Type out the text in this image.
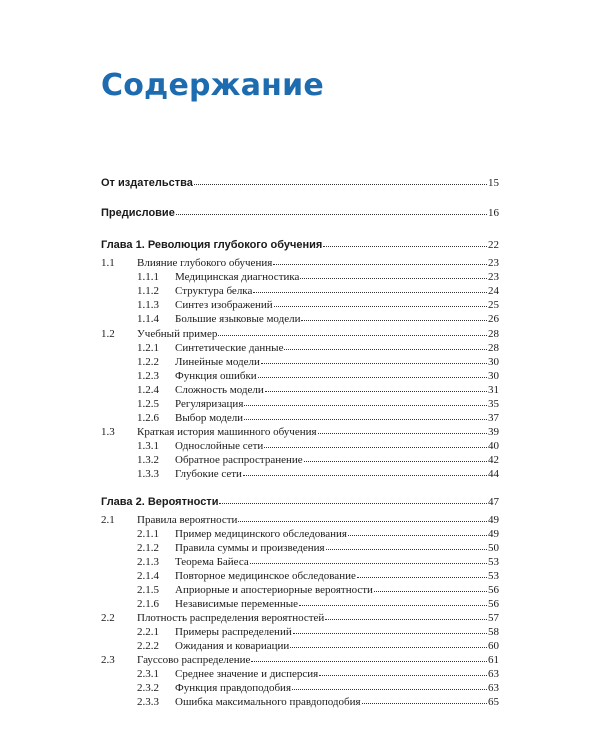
Содержание
От издательства	15
Предисловие	16
Глава 1. Революция глубокого обучения	22
1.1 Влияние глубокого обучения	23
1.1.1 Медицинская диагностика	23
1.1.2 Структура белка	24
1.1.3 Синтез изображений	25
1.1.4 Большие языковые модели	26
1.2 Учебный пример	28
1.2.1 Синтетические данные	28
1.2.2 Линейные модели	30
1.2.3 Функция ошибки	30
1.2.4 Сложность модели	31
1.2.5 Регуляризация	35
1.2.6 Выбор модели	37
1.3 Краткая история машинного обучения	39
1.3.1 Однослойные сети	40
1.3.2 Обратное распространение	42
1.3.3 Глубокие сети	44
Глава 2. Вероятности	47
2.1 Правила вероятности	49
2.1.1 Пример медицинского обследования	49
2.1.2 Правила суммы и произведения	50
2.1.3 Теорема Байеса	53
2.1.4 Повторное медицинское обследование	53
2.1.5 Априорные и апостериорные вероятности	56
2.1.6 Независимые переменные	56
2.2 Плотность распределения вероятностей	57
2.2.1 Примеры распределений	58
2.2.2 Ожидания и ковариации	60
2.3 Гауссово распределение	61
2.3.1 Среднее значение и дисперсия	63
2.3.2 Функция правдоподобия	63
2.3.3 Ошибка максимального правдоподобия	65
